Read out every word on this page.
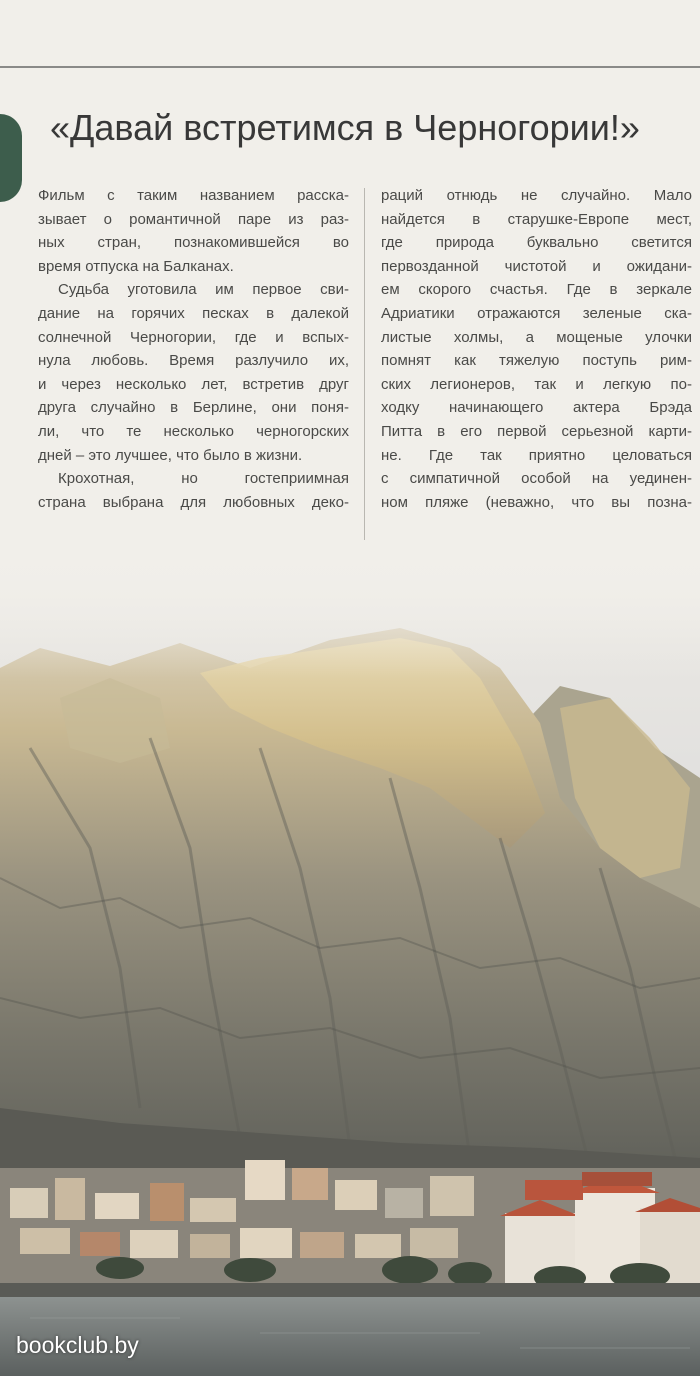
«Давай встретимся в Черногории!»

Фильм с таким названием расска-

зывает о романтичной паре из раз-

ных стран, познакомившейся во

время отпуска на Балканах.

Судьба уготовила им первое сви-

дание на горячих песках в далекой

солнечной Черногории, где и вспых-

нула любовь. Время разлучило их,

и через несколько лет, встретив друг

друга случайно в Берлине, они поня-

ли, что те несколько черногорских

дней – это лучшее, что было в жизни.

Крохотная, но гостеприимная

страна выбрана для любовных деко-

раций отнюдь не случайно. Мало

найдется в старушке-Европе мест,

где природа буквально светится

первозданной чистотой и ожидани-

ем скорого счастья. Где в зеркале

Адриатики отражаются зеленые ска-

листые холмы, а мощеные улочки

помнят как тяжелую поступь рим-

ских легионеров, так и легкую по-

ходку начинающего актера Брэда

Питта в его первой серьезной карти-

не. Где так приятно целоваться

с симпатичной особой на уединен-

ном пляже (неважно, что вы позна-

bookclub.by
